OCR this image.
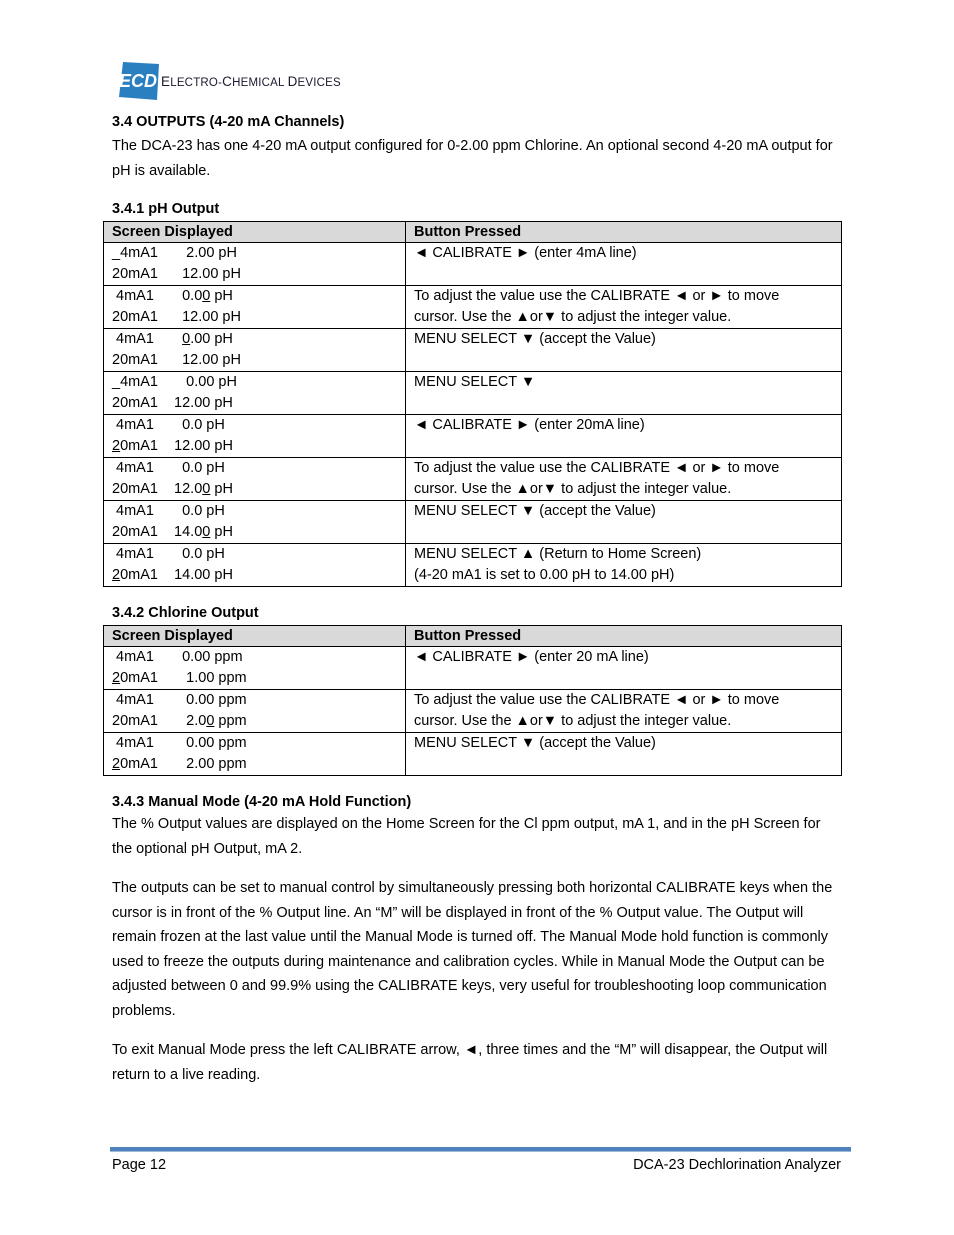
ECD ELECTRO-CHEMICAL DEVICES
3.4 OUTPUTS (4-20 mA Channels)

The DCA-23 has one 4-20 mA output configured for 0-2.00 ppm Chlorine. An optional second 4-20 mA output for pH is available.

3.4.1 pH Output
Screen Displayed	Button Pressed
_4mA1       2.00 pH
20mA1      12.00 pH	◄ CALIBRATE ► (enter 4mA line)
4mA1       0.00 pH
20mA1      12.00 pH	To adjust the value use the CALIBRATE ◄ or ► to move
cursor. Use the ▲or▼ to adjust the integer value.
4mA1       0.00 pH
20mA1      12.00 pH	MENU SELECT ▼ (accept the Value)
_4mA1       0.00 pH
20mA1    12.00 pH	MENU SELECT ▼
4mA1       0.0 pH
20mA1    12.00 pH	◄ CALIBRATE ► (enter 20mA line)
4mA1       0.0 pH
20mA1    12.00 pH	To adjust the value use the CALIBRATE ◄ or ► to move
cursor. Use the ▲or▼ to adjust the integer value.
4mA1       0.0 pH
20mA1    14.00 pH	MENU SELECT ▼ (accept the Value)
4mA1       0.0 pH
20mA1    14.00 pH	MENU SELECT ▲ (Return to Home Screen)
(4-20 mA1 is set to 0.00 pH to 14.00 pH)
3.4.2 Chlorine Output
Screen Displayed	Button Pressed
4mA1       0.00 ppm
20mA1       1.00 ppm	◄ CALIBRATE ► (enter 20 mA line)
4mA1        0.00 ppm
20mA1       2.00 ppm	To adjust the value use the CALIBRATE ◄ or ► to move
cursor. Use the ▲or▼ to adjust the integer value.
4mA1        0.00 ppm
20mA1       2.00 ppm	MENU SELECT ▼ (accept the Value)
3.4.3 Manual Mode (4-20 mA Hold Function)

The % Output values are displayed on the Home Screen for the Cl ppm output, mA 1, and in the pH Screen for the optional pH Output, mA 2.

The outputs can be set to manual control by simultaneously pressing both horizontal CALIBRATE keys when the cursor is in front of the % Output line. An “M” will be displayed in front of the % Output value. The Output will remain frozen at the last value until the Manual Mode is turned off. The Manual Mode hold function is commonly used to freeze the outputs during maintenance and calibration cycles. While in Manual Mode the Output can be adjusted between 0 and 99.9% using the CALIBRATE keys, very useful for troubleshooting loop communication problems.

To exit Manual Mode press the left CALIBRATE arrow, ◄, three times and the “M” will disappear, the Output will return to a live reading.

Page 12	DCA-23 Dechlorination Analyzer
